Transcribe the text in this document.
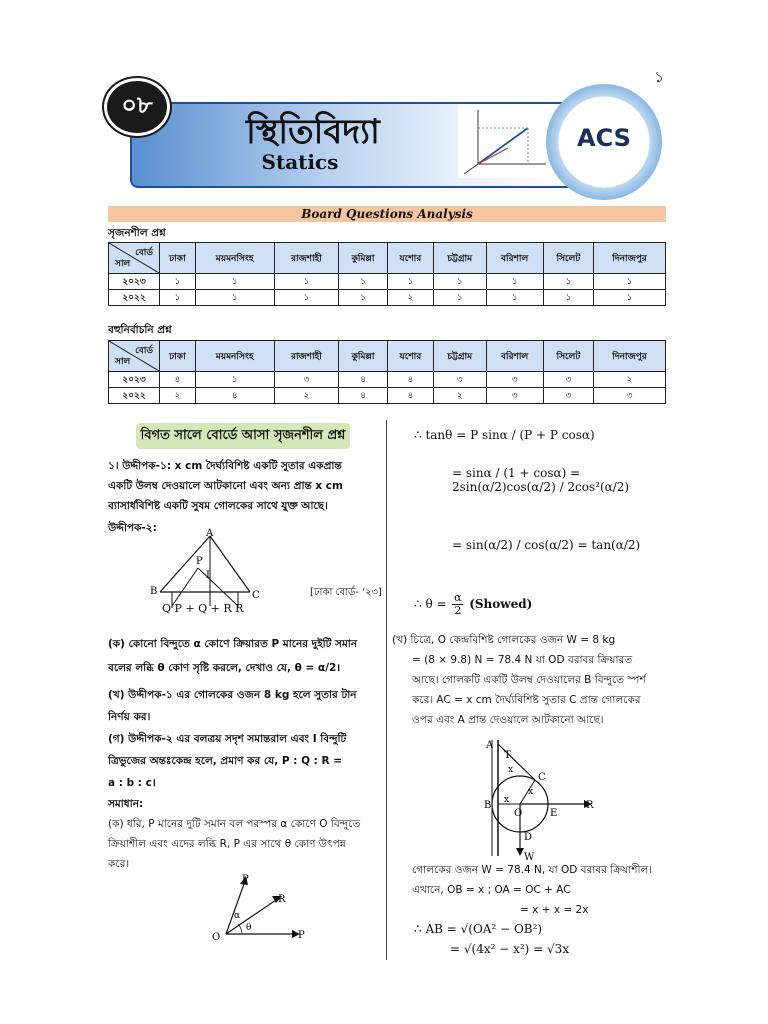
১
০৮
স্থিতিবিদ্যা
Statics
ACS
Board Questions Analysis
সৃজনশীল প্রশ্ন
বোর্ড
সাল	ঢাকা	ময়মনসিংহ	রাজশাহী	কুমিল্লা	যশোর	চট্টগ্রাম	বরিশাল	সিলেট	দিনাজপুর
২০২৩	১	১	১	১	১	১	১	১	১
২০২২	১	১	১	১	২	১	১	১	১
বহুনির্বাচনি প্রশ্ন
বোর্ড
সাল	ঢাকা	ময়মনসিংহ	রাজশাহী	কুমিল্লা	যশোর	চট্টগ্রাম	বরিশাল	সিলেট	দিনাজপুর
২০২৩	৪	১	৩	৪	৪	৩	৩	৩	২
২০২২	২	৪	২	৪	৪	২	৩	৩	৩
বিগত সালে বোর্ডে আসা সৃজনশীল প্রশ্ন
১। উদ্দীপক-১: x cm দৈর্ঘ্যবিশিষ্ট একটি সুতার একপ্রান্ত
একটি উলম্ব দেওয়ালে আটকানো এবং অন্য প্রান্ত x cm
ব্যাসার্ধবিশিষ্ট একটি সুষম গোলকের সাথে যুক্ত আছে।
উদ্দীপক-২:	A
P
I
B	C
Q P + Q + R R
[ঢাকা বোর্ড- '২৩]
(ক) কোনো বিন্দুতে α কোণে ক্রিয়ারত P মানের দুইটি সমান
বলের লব্ধি θ কোণ সৃষ্টি করলে, দেখাও যে, θ = α/2।
(খ) উদ্দীপক-১ এর গোলকের ওজন 8 kg হলে সুতার টান
নির্ণয় কর।
(গ) উদ্দীপক-২ এর বলত্রয় সদৃশ সমান্তরাল এবং I বিন্দুটি
ত্রিভুজের অন্তঃকেন্দ্র হলে, প্রমাণ কর যে, P : Q : R =
a : b : c।
সমাধান:
(ক) ধরি, P মানের দুটি সমান বল পরস্পর α কোণে O বিন্দুতে
ক্রিয়াশীল এবং এদের লব্ধি R, P এর সাথে θ কোণ উৎপন্ন
করে।
O	P
R
P
α
θ
∴ tanθ = P sinα / (P + P cosα)
= sinα / (1 + cosα) = 2sin(α/2)cos(α/2) / 2cos²(α/2)
= sin(α/2) / cos(α/2) = tan(α/2)
∴ θ = α
2 (Showed)
(খ) চিত্রে, O কেন্দ্রবিশিষ্ট গোলকের ওজন W = 8 kg
= (8 × 9.8) N = 78.4 N যা OD বরাবর ক্রিয়ারত
আছে। গোলকটি একটি উলম্ব দেওয়ালের B বিন্দুতে স্পর্শ
করে। AC = x cm দৈর্ঘ্যবিশিষ্ট সুতার C প্রান্ত গোলকের
ওপর এবং A প্রান্ত দেওয়ালে আটকানো আছে।
A
T
x
C
x
B x
O	E
R
D
W
গোলকের ওজন W = 78.4 N, যা OD বরাবর ক্রিয়াশীল।
এখানে, OB = x ; OA = OC + AC
= x + x = 2x
∴ AB = √(OA² − OB²)
= √(4x² − x²) = √3x
